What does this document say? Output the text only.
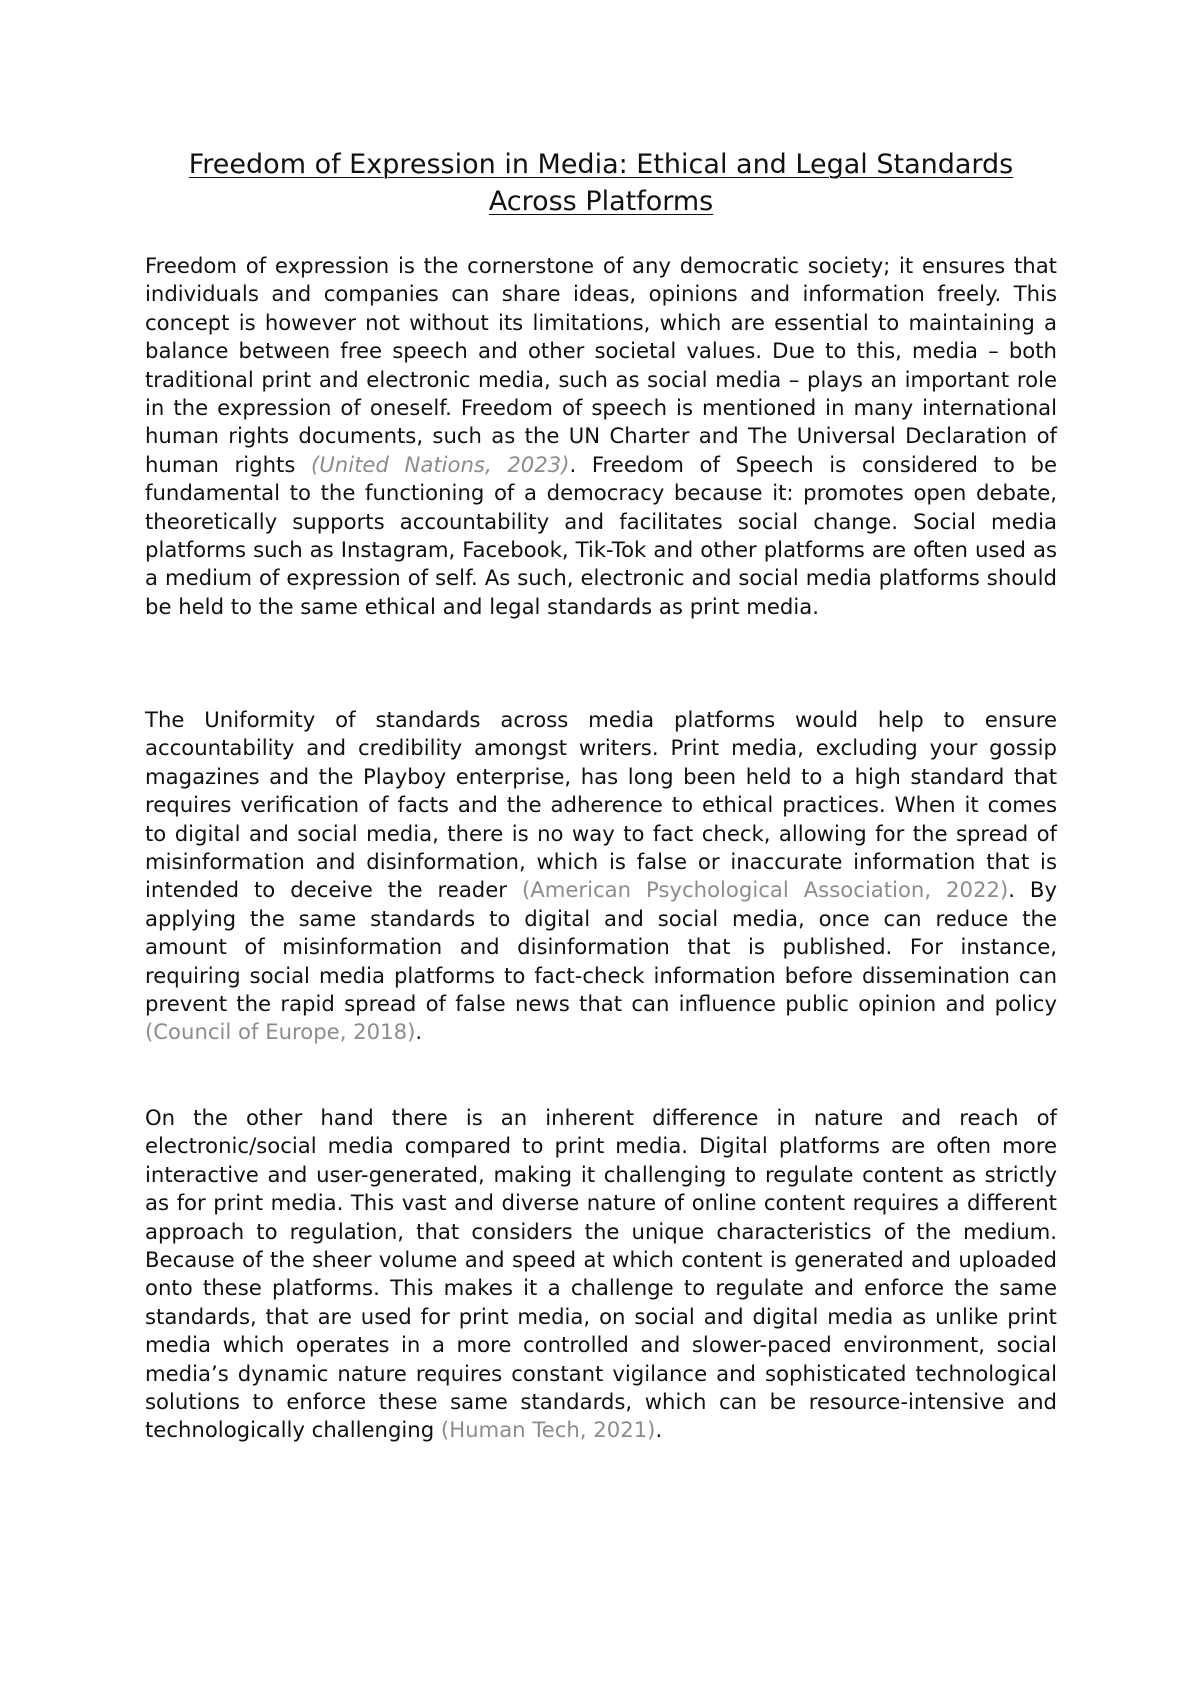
Freedom of Expression in Media: Ethical and Legal Standards Across Platforms

Freedom of expression is the cornerstone of any democratic society; it ensures that individuals and companies can share ideas, opinions and information freely. This concept is however not without its limitations, which are essential to maintaining a balance between free speech and other societal values. Due to this, media – both traditional print and electronic media, such as social media – plays an important role in the expression of oneself. Freedom of speech is mentioned in many international human rights documents, such as the UN Charter and The Universal Declaration of human rights (United Nations, 2023). Freedom of Speech is considered to be fundamental to the functioning of a democracy because it: promotes open debate, theoretically supports accountability and facilitates social change. Social media platforms such as Instagram, Facebook, Tik-Tok and other platforms are often used as a medium of expression of self. As such, electronic and social media platforms should be held to the same ethical and legal standards as print media.

The Uniformity of standards across media platforms would help to ensure accountability and credibility amongst writers. Print media, excluding your gossip magazines and the Playboy enterprise, has long been held to a high standard that requires verification of facts and the adherence to ethical practices. When it comes to digital and social media, there is no way to fact check, allowing for the spread of misinformation and disinformation, which is false or inaccurate information that is intended to deceive the reader (American Psychological Association, 2022). By applying the same standards to digital and social media, once can reduce the amount of misinformation and disinformation that is published. For instance, requiring social media platforms to fact-check information before dissemination can prevent the rapid spread of false news that can influence public opinion and policy (Council of Europe, 2018).

On the other hand there is an inherent difference in nature and reach of electronic/social media compared to print media. Digital platforms are often more interactive and user-generated, making it challenging to regulate content as strictly as for print media. This vast and diverse nature of online content requires a different approach to regulation, that considers the unique characteristics of the medium. Because of the sheer volume and speed at which content is generated and uploaded onto these platforms. This makes it a challenge to regulate and enforce the same standards, that are used for print media, on social and digital media as unlike print media which operates in a more controlled and slower-paced environment, social media’s dynamic nature requires constant vigilance and sophisticated technological solutions to enforce these same standards, which can be resource-intensive and technologically challenging (Human Tech, 2021).
